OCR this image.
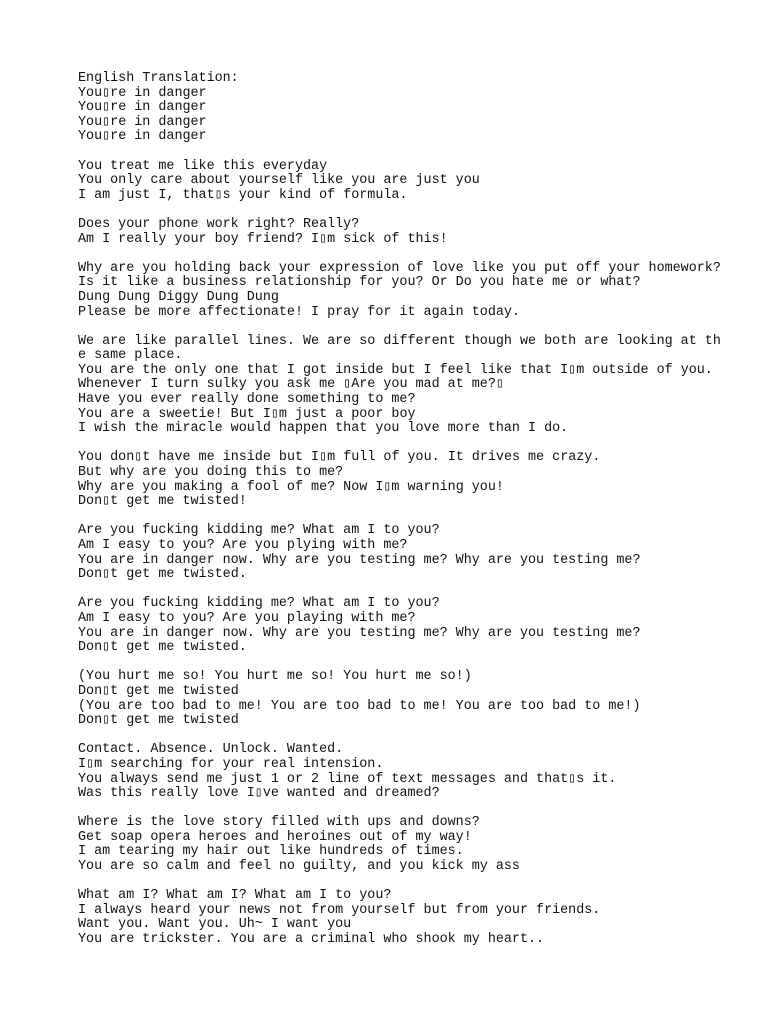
English Translation:
You▯re in danger
You▯re in danger
You▯re in danger
You▯re in danger
You treat me like this everyday
You only care about yourself like you are just you
I am just I, that▯s your kind of formula.
Does your phone work right? Really?
Am I really your boy friend? I▯m sick of this!
Why are you holding back your expression of love like you put off your homework?
Is it like a business relationship for you? Or Do you hate me or what?
Dung Dung Diggy Dung Dung
Please be more affectionate! I pray for it again today.
We are like parallel lines. We are so different though we both are looking at th
e same place.
You are the only one that I got inside but I feel like that I▯m outside of you.
Whenever I turn sulky you ask me ▯Are you mad at me?▯
Have you ever really done something to me?
You are a sweetie! But I▯m just a poor boy
I wish the miracle would happen that you love more than I do.
You don▯t have me inside but I▯m full of you. It drives me crazy.
But why are you doing this to me?
Why are you making a fool of me? Now I▯m warning you!
Don▯t get me twisted!
Are you fucking kidding me? What am I to you?
Am I easy to you? Are you plying with me?
You are in danger now. Why are you testing me? Why are you testing me?
Don▯t get me twisted.
Are you fucking kidding me? What am I to you?
Am I easy to you? Are you playing with me?
You are in danger now. Why are you testing me? Why are you testing me?
Don▯t get me twisted.
(You hurt me so! You hurt me so! You hurt me so!)
Don▯t get me twisted
(You are too bad to me! You are too bad to me! You are too bad to me!)
Don▯t get me twisted
Contact. Absence. Unlock. Wanted.
I▯m searching for your real intension.
You always send me just 1 or 2 line of text messages and that▯s it.
Was this really love I▯ve wanted and dreamed?
Where is the love story filled with ups and downs?
Get soap opera heroes and heroines out of my way!
I am tearing my hair out like hundreds of times.
You are so calm and feel no guilty, and you kick my ass
What am I? What am I? What am I to you?
I always heard your news not from yourself but from your friends.
Want you. Want you. Uh~ I want you
You are trickster. You are a criminal who shook my heart..
